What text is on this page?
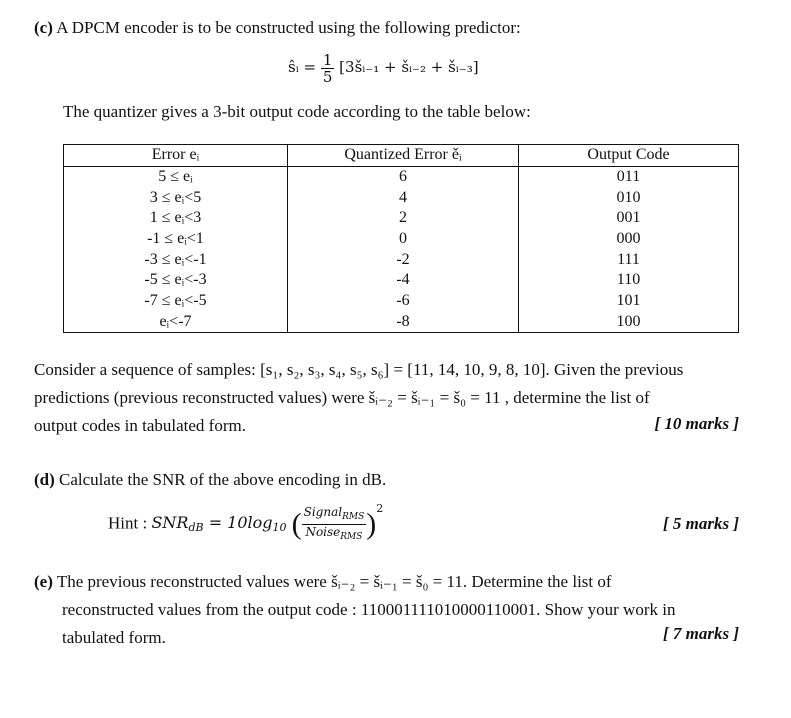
(c) A DPCM encoder is to be constructed using the following predictor:
ŝᵢ = $\frac{1}{5}$ [3šᵢ₋₁ + šᵢ₋₂ + šᵢ₋₃]
The quantizer gives a 3-bit output code according to the table below:
Error eᵢ	Quantized Error ěᵢ	Output Code
5 ≤ eᵢ	6	011
3 ≤ eᵢ<5	4	010
1 ≤ eᵢ<3	2	001
-1 ≤ eᵢ<1	0	000
-3 ≤ eᵢ<-1	-2	111
-5 ≤ eᵢ<-3	-4	110
-7 ≤ eᵢ<-5	-6	101
eᵢ<-7	-8	100
Consider a sequence of samples: [s₁, s₂, s₃, s₄, s₅, s₆] = [11, 14, 10, 9, 8, 10]. Given the previous
predictions (previous reconstructed values) were šᵢ₋₂ = šᵢ₋₁ = š₀ = 11 , determine the list of
output codes in tabulated form.	[ 10 marks ]
(d) Calculate the SNR of the above encoding in dB.
Hint : $SNR_{dB} = 10\log_{10}$ ( $\frac{Signal_{RMS}}{Noise_{RMS}} )^2$
[ 5 marks ]
(e) The previous reconstructed values were šᵢ₋₂ = šᵢ₋₁ = š₀ = 11. Determine the list of
reconstructed values from the output code : 110001111010000110001. Show your work in
tabulated form.	[ 7 marks ]
